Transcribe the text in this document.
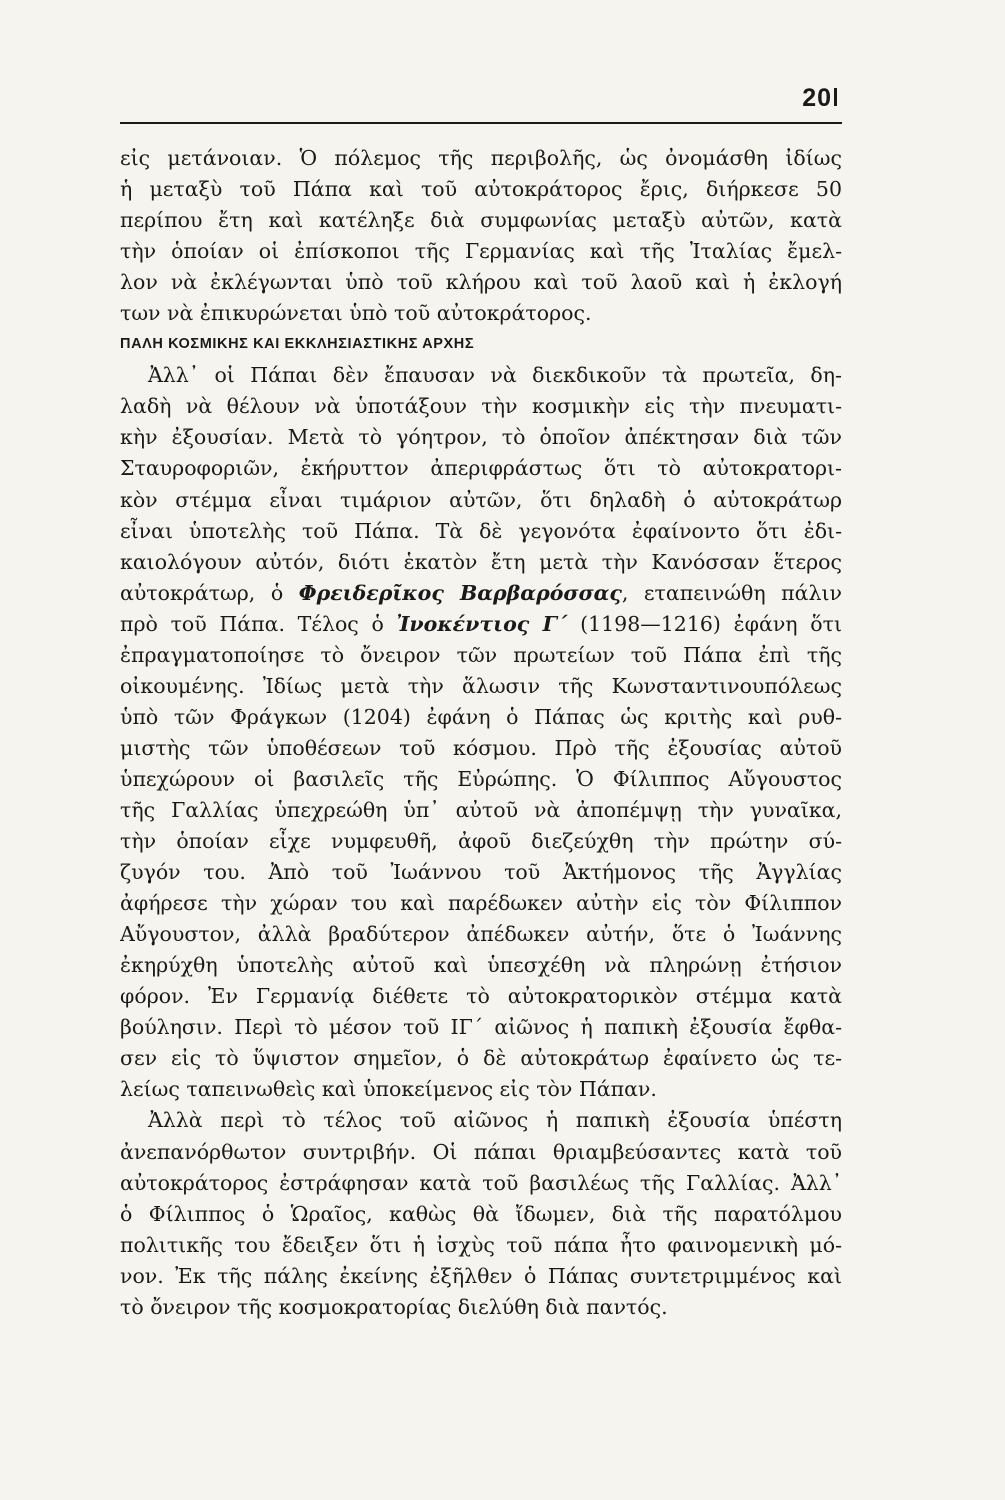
20ǀ
εἰς μετάνοιαν. Ὁ πόλεμος τῆς περιβολῆς, ὡς ὀνομάσθη ἰδίως
ἡ μεταξὺ τοῦ Πάπα καὶ τοῦ αὐτοκράτορος ἔρις, διήρκεσε 50
περίπου ἔτη καὶ κατέληξε διὰ συμφωνίας μεταξὺ αὐτῶν, κατὰ
τὴν ὁποίαν οἱ ἐπίσκοποι τῆς Γερμανίας καὶ τῆς Ἰταλίας ἔμελ-
λον νὰ ἐκλέγωνται ὑπὸ τοῦ κλήρου καὶ τοῦ λαοῦ καὶ ἡ ἐκλογή
των νὰ ἐπικυρώνεται ὑπὸ τοῦ αὐτοκράτορος.
ΠΑΛΗ ΚΟΣΜΙΚΗΣ ΚΑΙ ΕΚΚΛΗΣΙΑΣΤΙΚΗΣ ΑΡΧΗΣ
Ἀλλ᾽ οἱ Πάπαι δὲν ἔπαυσαν νὰ διεκδικοῦν τὰ πρωτεῖα, δη-
λαδὴ νὰ θέλουν νὰ ὑποτάξουν τὴν κοσμικὴν εἰς τὴν πνευματι-
κὴν ἐξουσίαν. Μετὰ τὸ γόητρον, τὸ ὁποῖον ἀπέκτησαν διὰ τῶν
Σταυροφοριῶν, ἐκήρυττον ἀπεριφράστως ὅτι τὸ αὐτοκρατορι-
κὸν στέμμα εἶναι τιμάριον αὐτῶν, ὅτι δηλαδὴ ὁ αὐτοκράτωρ
εἶναι ὑποτελὴς τοῦ Πάπα. Τὰ δὲ γεγονότα ἐφαίνοντο ὅτι ἐδι-
καιολόγουν αὐτόν, διότι ἑκατὸν ἔτη μετὰ τὴν Κανόσσαν ἕτερος
αὐτοκράτωρ, ὁ Φρειδερῖκος Βαρβαρόσσας, εταπεινώθη πάλιν
πρὸ τοῦ Πάπα. Τέλος ὁ Ἰνοκέντιος Γ΄ (1198—1216) ἐφάνη ὅτι
ἐπραγματοποίησε τὸ ὄνειρον τῶν πρωτείων τοῦ Πάπα ἐπὶ τῆς
οἰκουμένης. Ἰδίως μετὰ τὴν ἅλωσιν τῆς Κωνσταντινουπόλεως
ὑπὸ τῶν Φράγκων (1204) ἐφάνη ὁ Πάπας ὡς κριτὴς καὶ ρυθ-
μιστὴς τῶν ὑποθέσεων τοῦ κόσμου. Πρὸ τῆς ἐξουσίας αὐτοῦ
ὑπεχώρουν οἱ βασιλεῖς τῆς Εὐρώπης. Ὁ Φίλιππος Αὔγουστος
τῆς Γαλλίας ὑπεχρεώθη ὑπ᾽ αὐτοῦ νὰ ἀποπέμψῃ τὴν γυναῖκα,
τὴν ὁποίαν εἶχε νυμφευθῆ, ἀφοῦ διεζεύχθη τὴν πρώτην σύ-
ζυγόν του. Ἀπὸ τοῦ Ἰωάννου τοῦ Ἀκτήμονος τῆς Ἀγγλίας
ἀφήρεσε τὴν χώραν του καὶ παρέδωκεν αὐτὴν εἰς τὸν Φίλιππον
Αὔγουστον, ἀλλὰ βραδύτερον ἀπέδωκεν αὐτήν, ὅτε ὁ Ἰωάννης
ἐκηρύχθη ὑποτελὴς αὐτοῦ καὶ ὑπεσχέθη νὰ πληρώνῃ ἐτήσιον
φόρον. Ἐν Γερμανίᾳ διέθετε τὸ αὐτοκρατορικὸν στέμμα κατὰ
βούλησιν. Περὶ τὸ μέσον τοῦ ΙΓ΄ αἰῶνος ἡ παπικὴ ἐξουσία ἔφθα-
σεν εἰς τὸ ὕψιστον σημεῖον, ὁ δὲ αὐτοκράτωρ ἐφαίνετο ὡς τε-
λείως ταπεινωθεὶς καὶ ὑποκείμενος εἰς τὸν Πάπαν.
Ἀλλὰ περὶ τὸ τέλος τοῦ αἰῶνος ἡ παπικὴ ἐξουσία ὑπέστη
ἀνεπανόρθωτον συντριβήν. Οἱ πάπαι θριαμβεύσαντες κατὰ τοῦ
αὐτοκράτορος ἐστράφησαν κατὰ τοῦ βασιλέως τῆς Γαλλίας. Ἀλλ᾽
ὁ Φίλιππος ὁ Ὡραῖος, καθὼς θὰ ἴδωμεν, διὰ τῆς παρατόλμου
πολιτικῆς του ἔδειξεν ὅτι ἡ ἰσχὺς τοῦ πάπα ἦτο φαινομενικὴ μό-
νον. Ἐκ τῆς πάλης ἐκείνης ἐξῆλθεν ὁ Πάπας συντετριμμένος καὶ
τὸ ὄνειρον τῆς κοσμοκρατορίας διελύθη διὰ παντός.
